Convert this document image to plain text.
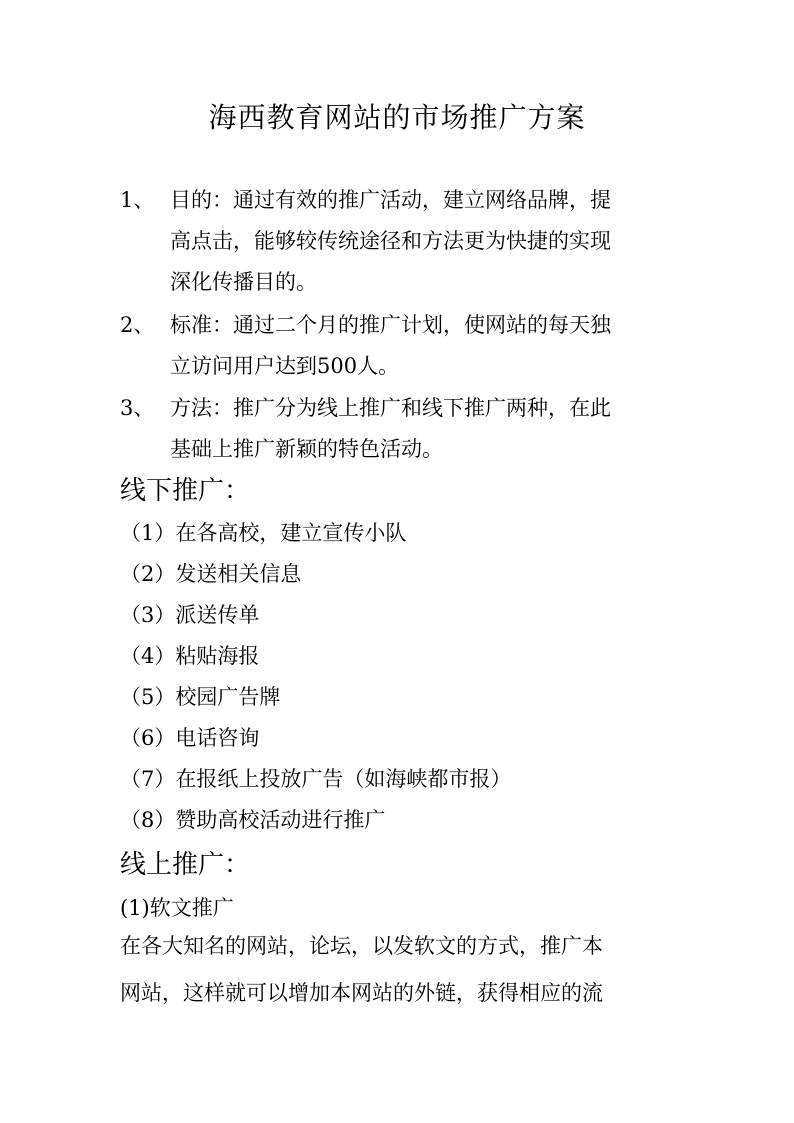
海西教育网站的市场推广方案
1、 目的：通过有效的推广活动，建立网络品牌，提
高点击，能够较传统途径和方法更为快捷的实现
深化传播目的。
2、 标准：通过二个月的推广计划，使网站的每天独
立访问用户达到500人。
3、 方法：推广分为线上推广和线下推广两种，在此
基础上推广新颖的特色活动。
线下推广：
（1）在各高校，建立宣传小队
（2）发送相关信息
（3）派送传单
（4）粘贴海报
（5）校园广告牌
（6）电话咨询
（7）在报纸上投放广告（如海峡都市报）
（8）赞助高校活动进行推广
线上推广：
(1)软文推广
在各大知名的网站，论坛，以发软文的方式，推广本
网站，这样就可以增加本网站的外链，获得相应的流
